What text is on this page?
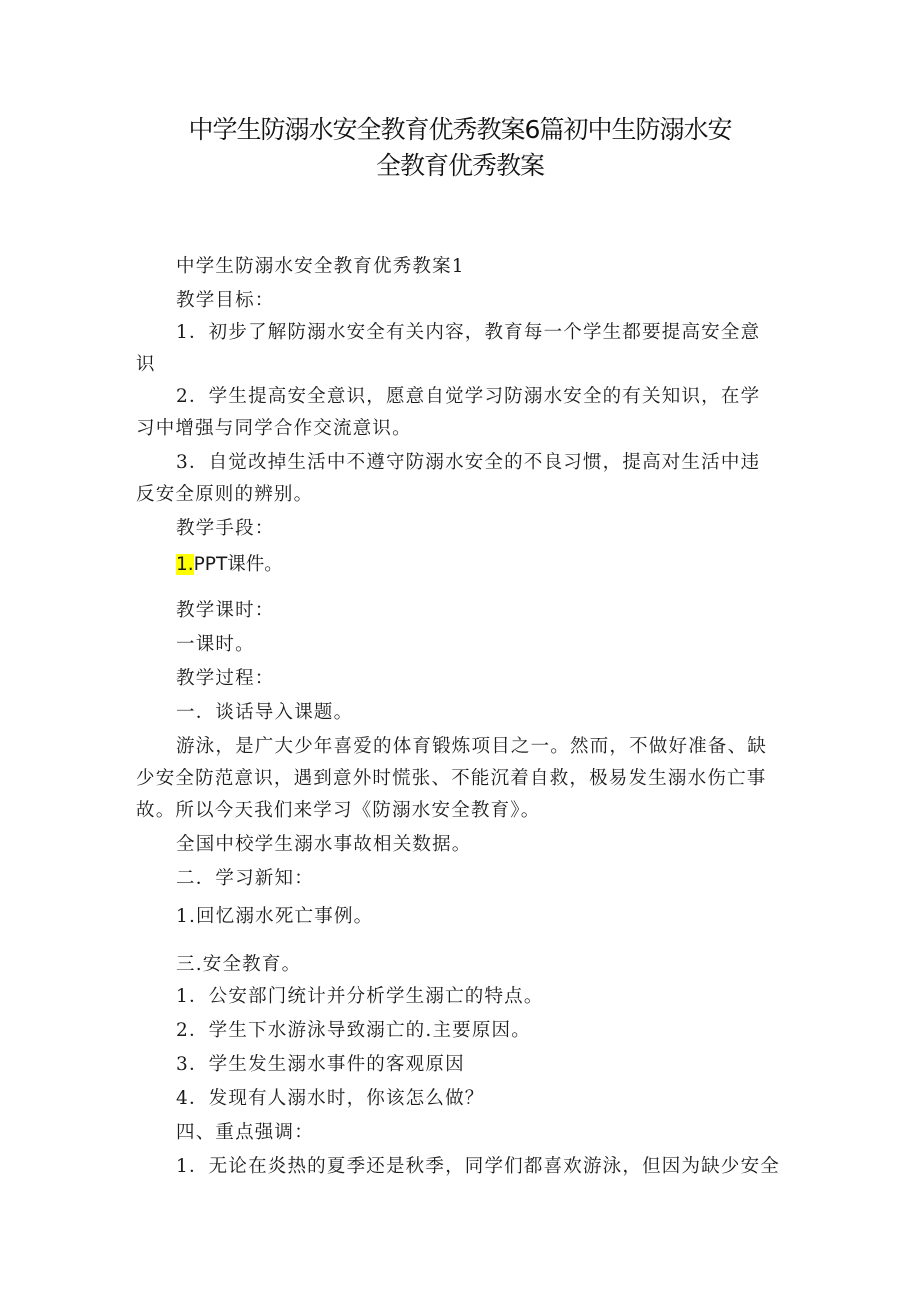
中学生防溺水安全教育优秀教案6篇初中生防溺水安
全教育优秀教案
中学生防溺水安全教育优秀教案1
教学目标：
1．初步了解防溺水安全有关内容，教育每一个学生都要提高安全意
识
2．学生提高安全意识，愿意自觉学习防溺水安全的有关知识，在学
习中增强与同学合作交流意识。
3．自觉改掉生活中不遵守防溺水安全的不良习惯，提高对生活中违
反安全原则的辨别。
教学手段：
1.PPT课件。
教学课时：
一课时。
教学过程：
一．谈话导入课题。
游泳，是广大少年喜爱的体育锻炼项目之一。然而，不做好准备、缺
少安全防范意识，遇到意外时慌张、不能沉着自救，极易发生溺水伤亡事
故。所以今天我们来学习《防溺水安全教育》。
全国中校学生溺水事故相关数据。
二．学习新知：
1.回忆溺水死亡事例。
三.安全教育。
1．公安部门统计并分析学生溺亡的特点。
2．学生下水游泳导致溺亡的.主要原因。
3．学生发生溺水事件的客观原因
4．发现有人溺水时，你该怎么做？
四、重点强调：
1．无论在炎热的夏季还是秋季，同学们都喜欢游泳，但因为缺少安全
